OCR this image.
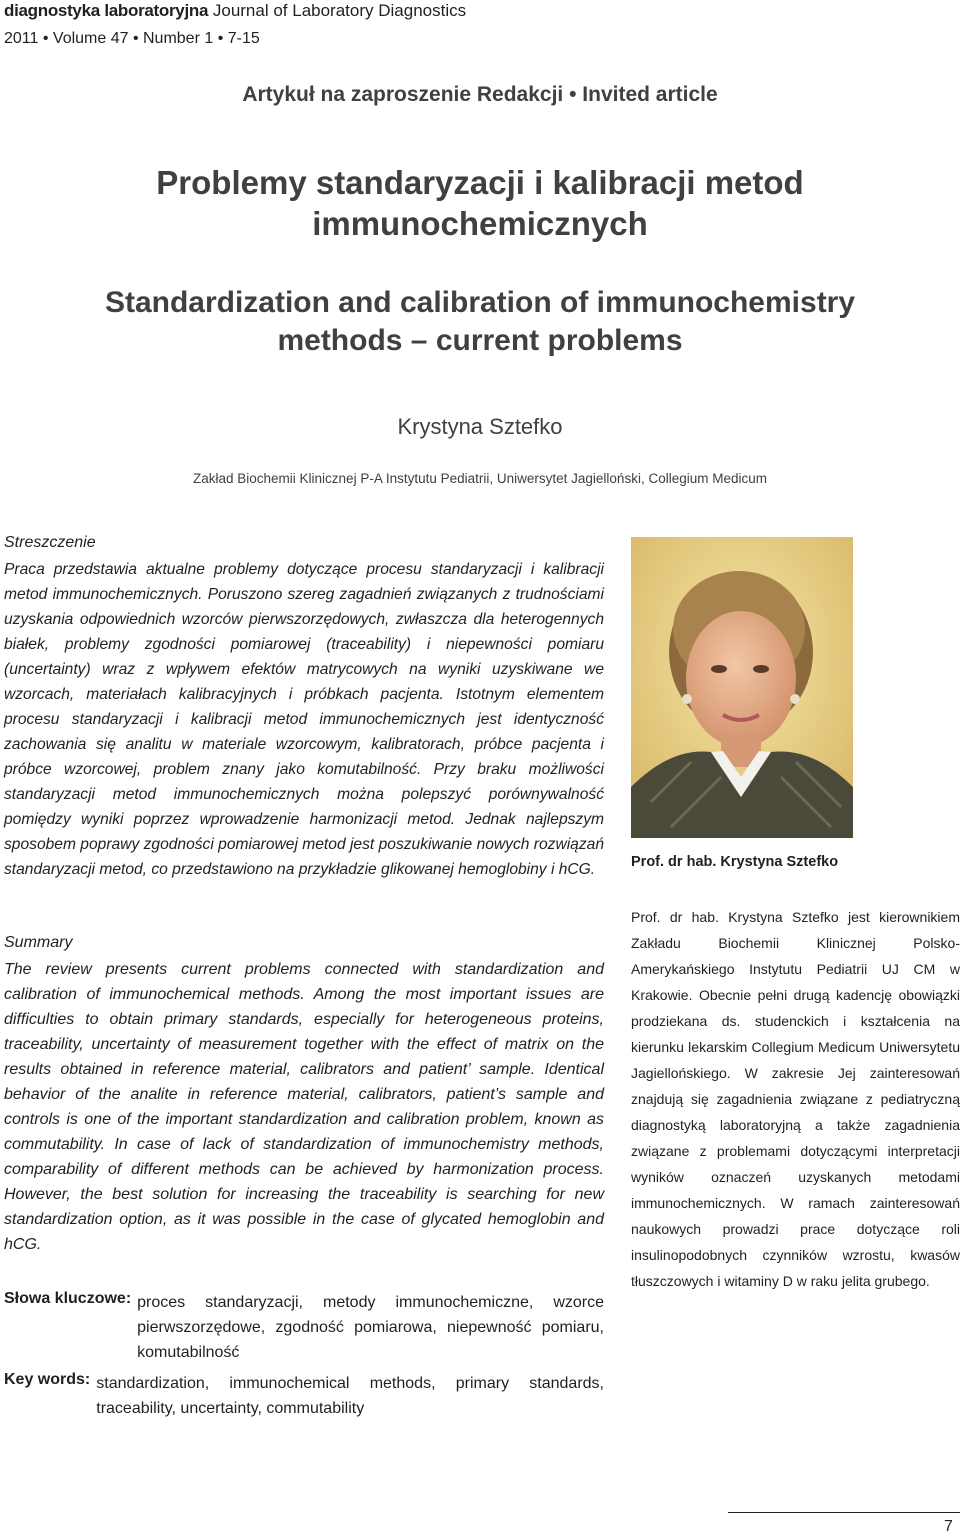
diagnostyka laboratoryjna Journal of Laboratory Diagnostics
2011 • Volume 47 • Number 1 • 7-15
Artykuł na zaproszenie Redakcji • Invited article
Problemy standaryzacji i kalibracji metod immunochemicznych
Standardization and calibration of immunochemistry methods – current problems
Krystyna Sztefko
Zakład Biochemii Klinicznej P-A Instytutu Pediatrii, Uniwersytet Jagielloński, Collegium Medicum
Streszczenie
Praca przedstawia aktualne problemy dotyczące procesu standaryzacji i kalibracji metod immunochemicznych. Poruszono szereg zagadnień związanych z trudnościami uzyskania odpowiednich wzorców pierwszorzędowych, zwłaszcza dla heterogennych białek, problemy zgodności pomiarowej (traceability) i niepewności pomiaru (uncertainty) wraz z wpływem efektów matrycowych na wyniki uzyskiwane we wzorcach, materiałach kalibracyjnych i próbkach pacjenta. Istotnym elementem procesu standaryzacji i kalibracji metod immunochemicznych jest identyczność zachowania się analitu w materiale wzorcowym, kalibratorach, próbce pacjenta i próbce wzorcowej, problem znany jako komutabilność. Przy braku możliwości standaryzacji metod immunochemicznych można polepszyć porównywalność pomiędzy wyniki poprzez wprowadzenie harmonizacji metod. Jednak najlepszym sposobem poprawy zgodności pomiarowej metod jest poszukiwanie nowych rozwiązań standaryzacji metod, co przedstawiono na przykładzie glikowanej hemoglobiny i hCG.
Summary
The review presents current problems connected with standardization and calibration of immunochemical methods. Among the most important issues are difficulties to obtain primary standards, especially for heterogeneous proteins, traceability, uncertainty of measurement together with the effect of matrix on the results obtained in reference material, calibrators and patient’ sample. Identical behavior of the analite in reference material, calibrators, patient’s sample and controls is one of the important standardization and calibration problem, known as commutability. In case of lack of standardization of immunochemistry methods, comparability of different methods can be achieved by harmonization process. However, the best solution for increasing the traceability is searching for new standardization option, as it was possible in the case of glycated hemoglobin and hCG.
Słowa kluczowe: proces standaryzacji, metody immunochemiczne, wzorce pierwszorzędowe, zgodność pomiarowa, niepewność pomiaru, komutabilność
Key words: standardization, immunochemical methods, primary standards, traceability, uncertainty, commutability
Prof. dr hab. Krystyna Sztefko
Prof. dr hab. Krystyna Sztefko jest kierownikiem Zakładu Biochemii Klinicznej Polsko-Amerykańskiego Instytutu Pediatrii UJ CM w Krakowie. Obecnie pełni drugą kadencję obowiązki prodziekana ds. studenckich i kształcenia na kierunku lekarskim Collegium Medicum Uniwersytetu Jagiellońskiego. W zakresie Jej zainteresowań znajdują się zagadnienia związane z pediatryczną diagnostyką laboratoryjną a także zagadnienia związane z problemami dotyczącymi interpretacji wyników oznaczeń uzyskanych metodami immunochemicznych. W ramach zainteresowań naukowych prowadzi prace dotyczące roli insulinopodobnych czynników wzrostu, kwasów tłuszczowych i witaminy D w raku jelita grubego.
7
